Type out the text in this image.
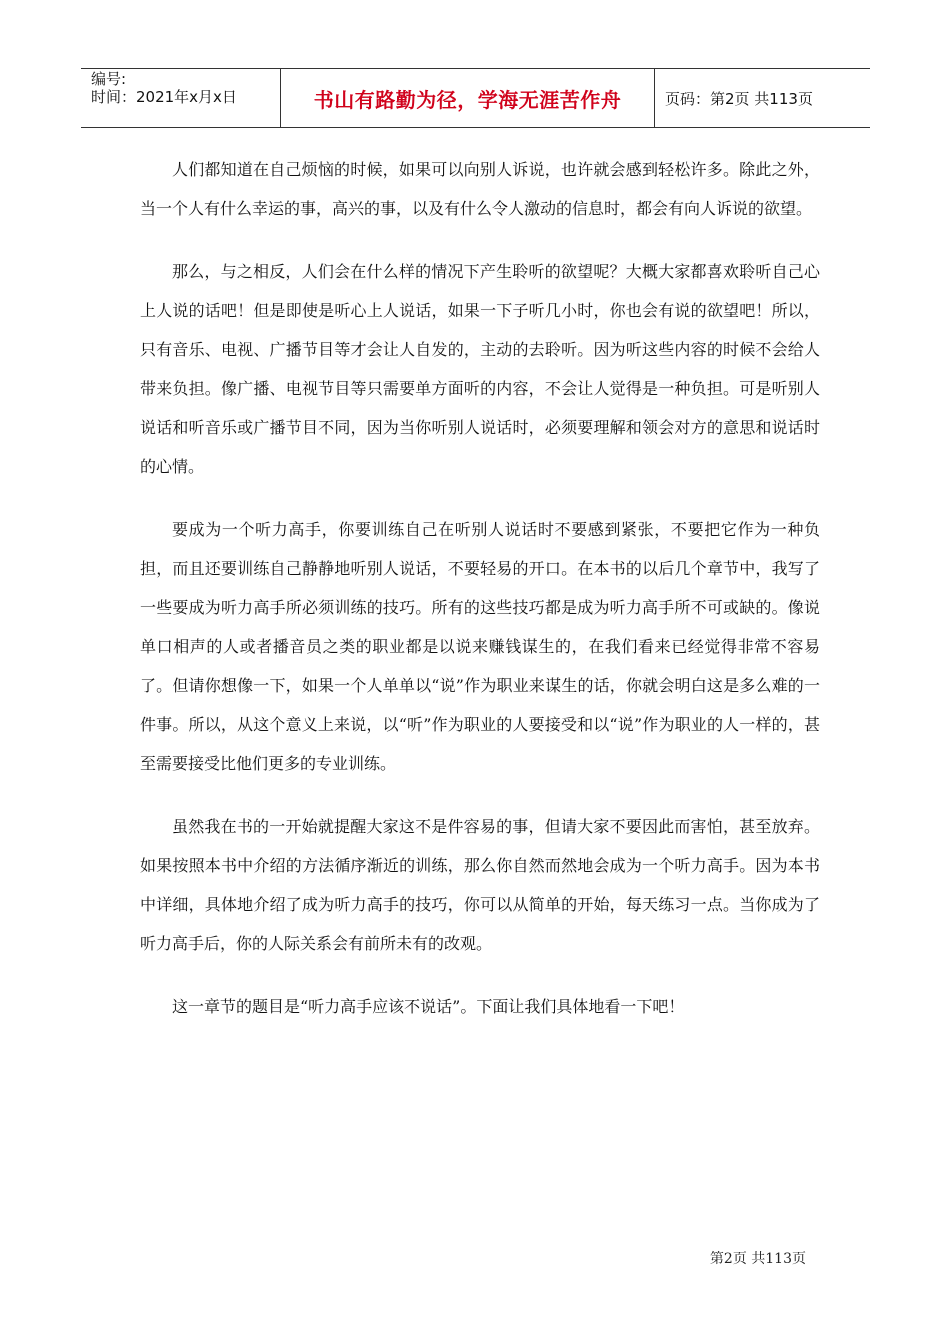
编号:
时间：2021年x月x日	书山有路勤为径，学海无涯苦作舟	页码：第2页 共113页

人们都知道在自己烦恼的时候，如果可以向别人诉说，也许就会感到轻松许多。除此之外，当一个人有什么幸运的事，高兴的事，以及有什么令人激动的信息时，都会有向人诉说的欲望。

那么，与之相反，人们会在什么样的情况下产生聆听的欲望呢？大概大家都喜欢聆听自己心上人说的话吧！但是即使是听心上人说话，如果一下子听几小时，你也会有说的欲望吧！所以，只有音乐、电视、广播节目等才会让人自发的，主动的去聆听。因为听这些内容的时候不会给人带来负担。像广播、电视节目等只需要单方面听的内容，不会让人觉得是一种负担。可是听别人说话和听音乐或广播节目不同，因为当你听别人说话时，必须要理解和领会对方的意思和说话时的心情。

要成为一个听力高手，你要训练自己在听别人说话时不要感到紧张，不要把它作为一种负担，而且还要训练自己静静地听别人说话，不要轻易的开口。在本书的以后几个章节中，我写了一些要成为听力高手所必须训练的技巧。所有的这些技巧都是成为听力高手所不可或缺的。像说单口相声的人或者播音员之类的职业都是以说来赚钱谋生的，在我们看来已经觉得非常不容易了。但请你想像一下，如果一个人单单以“说”作为职业来谋生的话，你就会明白这是多么难的一件事。所以，从这个意义上来说，以“听”作为职业的人要接受和以“说”作为职业的人一样的，甚至需要接受比他们更多的专业训练。

虽然我在书的一开始就提醒大家这不是件容易的事，但请大家不要因此而害怕，甚至放弃。如果按照本书中介绍的方法循序渐近的训练，那么你自然而然地会成为一个听力高手。因为本书中详细，具体地介绍了成为听力高手的技巧，你可以从简单的开始，每天练习一点。当你成为了听力高手后，你的人际关系会有前所未有的改观。

这一章节的题目是“听力高手应该不说话”。下面让我们具体地看一下吧！

第2页 共113页
